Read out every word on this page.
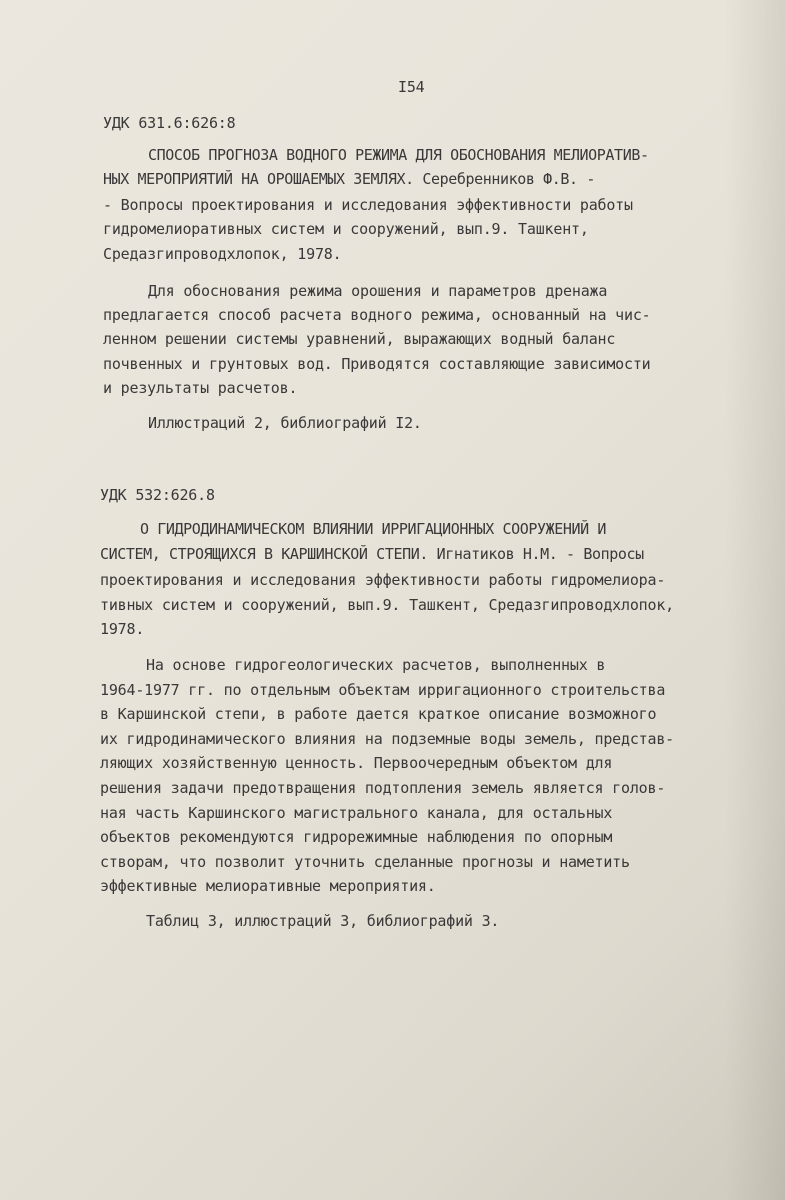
I54
УДК 631.6:626:8
СПОСОБ ПРОГНОЗА ВОДНОГО РЕЖИМА ДЛЯ ОБОСНОВАНИЯ МЕЛИОРАТИВ-
НЫХ МЕРОПРИЯТИЙ НА ОРОШАЕМЫХ ЗЕМЛЯХ. Серебренников Ф.В. -
- Вопросы проектирования и исследования эффективности работы
гидромелиоративных систем и сооружений, вып.9. Ташкент,
Средазгипроводхлопок, 1978.
Для обоснования режима орошения и параметров дренажа
предлагается способ расчета водного режима, основанный на чис-
ленном решении системы уравнений, выражающих водный баланс
почвенных и грунтовых вод. Приводятся составляющие зависимости
и результаты расчетов.
Иллюстраций 2, библиографий I2.
УДК 532:626.8
О ГИДРОДИНАМИЧЕСКОМ ВЛИЯНИИ ИРРИГАЦИОННЫХ СООРУЖЕНИЙ И
СИСТЕМ, СТРОЯЩИХСЯ В КАРШИНСКОЙ СТЕПИ. Игнатиков Н.М. - Вопросы
проектирования и исследования эффективности работы гидромелиора-
тивных систем и сооружений, вып.9. Ташкент, Средазгипроводхлопок,
1978.
На основе гидрогеологических расчетов, выполненных в
1964-1977 гг. по отдельным объектам ирригационного строительства
в Каршинской степи, в работе дается краткое описание возможного
их гидродинамического влияния на подземные воды земель, представ-
ляющих хозяйственную ценность. Первоочередным объектом для
решения задачи предотвращения подтопления земель является голов-
ная часть Каршинского магистрального канала, для остальных
объектов рекомендуются гидрорежимные наблюдения по опорным
створам, что позволит уточнить сделанные прогнозы и наметить
эффективные мелиоративные мероприятия.
Таблиц 3, иллюстраций 3, библиографий 3.
